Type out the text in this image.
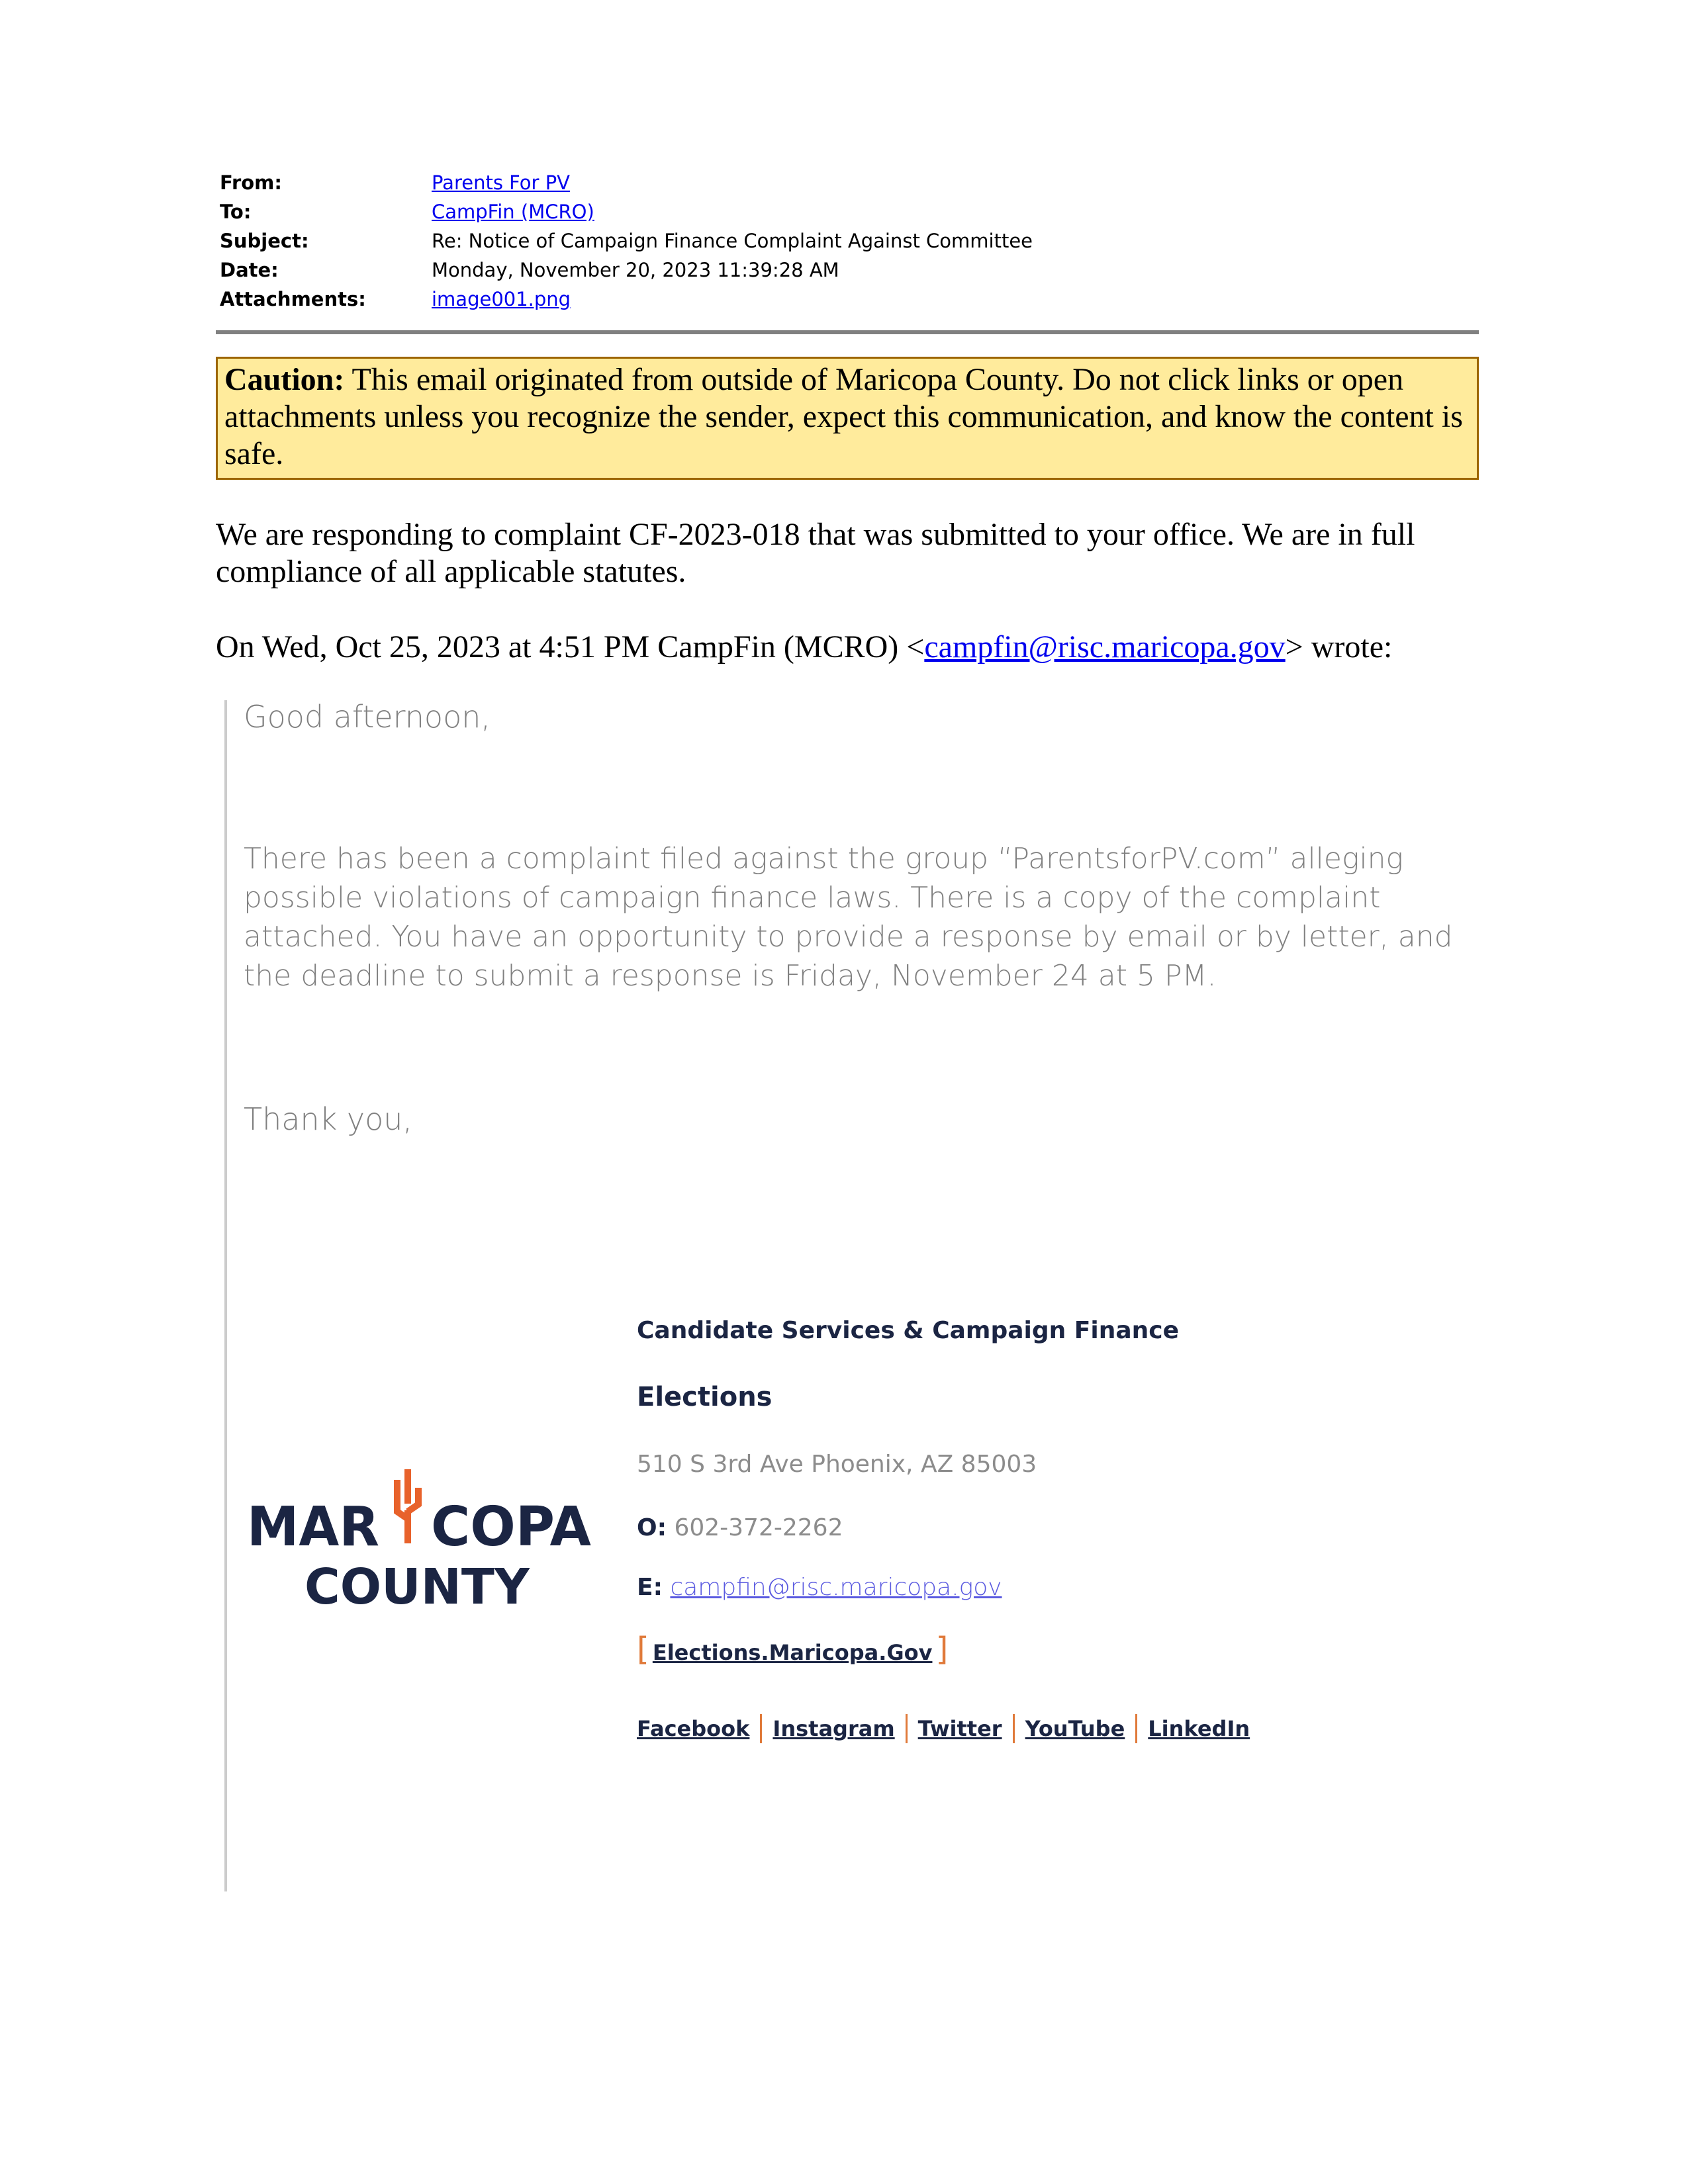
From:	Parents For PV
To:	CampFin (MCRO)
Subject:	Re: Notice of Campaign Finance Complaint Against Committee
Date:	Monday, November 20, 2023 11:39:28 AM
Attachments:	image001.png
Caution: This email originated from outside of Maricopa County. Do not click links or open attachments unless you recognize the sender, expect this communication, and know the content is safe.
We are responding to complaint CF-2023-018 that was submitted to your office. We are in full compliance of all applicable statutes.
On Wed, Oct 25, 2023 at 4:51 PM CampFin (MCRO) <campfin@risc.maricopa.gov> wrote:
Good afternoon,
There has been a complaint filed against the group “ParentsforPV.com” alleging possible violations of campaign finance laws. There is a copy of the complaint attached. You have an opportunity to provide a response by email or by letter, and the deadline to submit a response is Friday, November 24 at 5 PM.
Thank you,
MAR COPA
COUNTY
Candidate Services & Campaign Finance
Elections
510 S 3rd Ave Phoenix, AZ 85003
O: 602-372-2262
E: campfin@risc.maricopa.gov
[ Elections.Maricopa.Gov ]
Facebook Instagram Twitter YouTube LinkedIn
